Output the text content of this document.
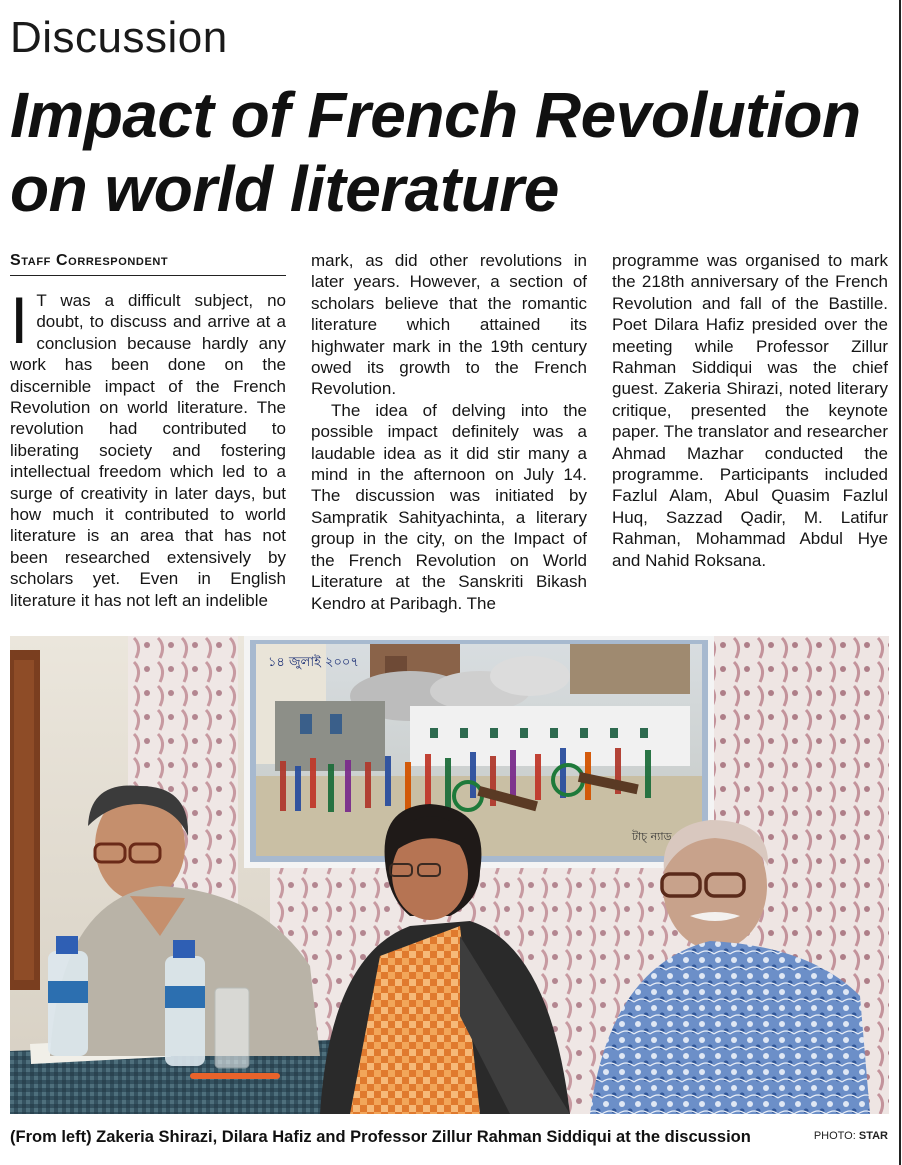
Discussion
Impact of French Revolution on world literature
Staff Correspondent

I T was a difficult subject, no doubt, to discuss and arrive at a conclusion because hardly any work has been done on the discernible impact of the French Revolution on world literature. The revolution had contributed to liberating society and fostering intellectual freedom which led to a surge of creativity in later days, but how much it contributed to world literature is an area that has not been researched extensively by scholars yet. Even in English literature it has not left an indelible

mark, as did other revolutions in later years. However, a section of scholars believe that the romantic literature which attained its highwater mark in the 19th century owed its growth to the French Revolution.

The idea of delving into the possible impact definitely was a laudable idea as it did stir many a mind in the afternoon on July 14. The discussion was initiated by Sampratik Sahityachinta, a literary group in the city, on the Impact of the French Revolution on World Literature at the Sanskriti Bikash Kendro at Paribagh. The

programme was organised to mark the 218th anniversary of the French Revolution and fall of the Bastille. Poet Dilara Hafiz presided over the meeting while Professor Zillur Rahman Siddiqui was the chief guest. Zakeria Shirazi, noted literary critique, presented the keynote paper. The translator and researcher Ahmad Mazhar conducted the programme. Participants included Fazlul Alam, Abul Quasim Fazlul Huq, Sazzad Qadir, M. Latifur Rahman, Mohammad Abdul Hye and Nahid Roksana.

১৪ জুলাই ২০০৭
টাচ্ ন্যাড
(From left) Zakeria Shirazi, Dilara Hafiz and Professor Zillur Rahman Siddiqui at the discussion	PHOTO: STAR
